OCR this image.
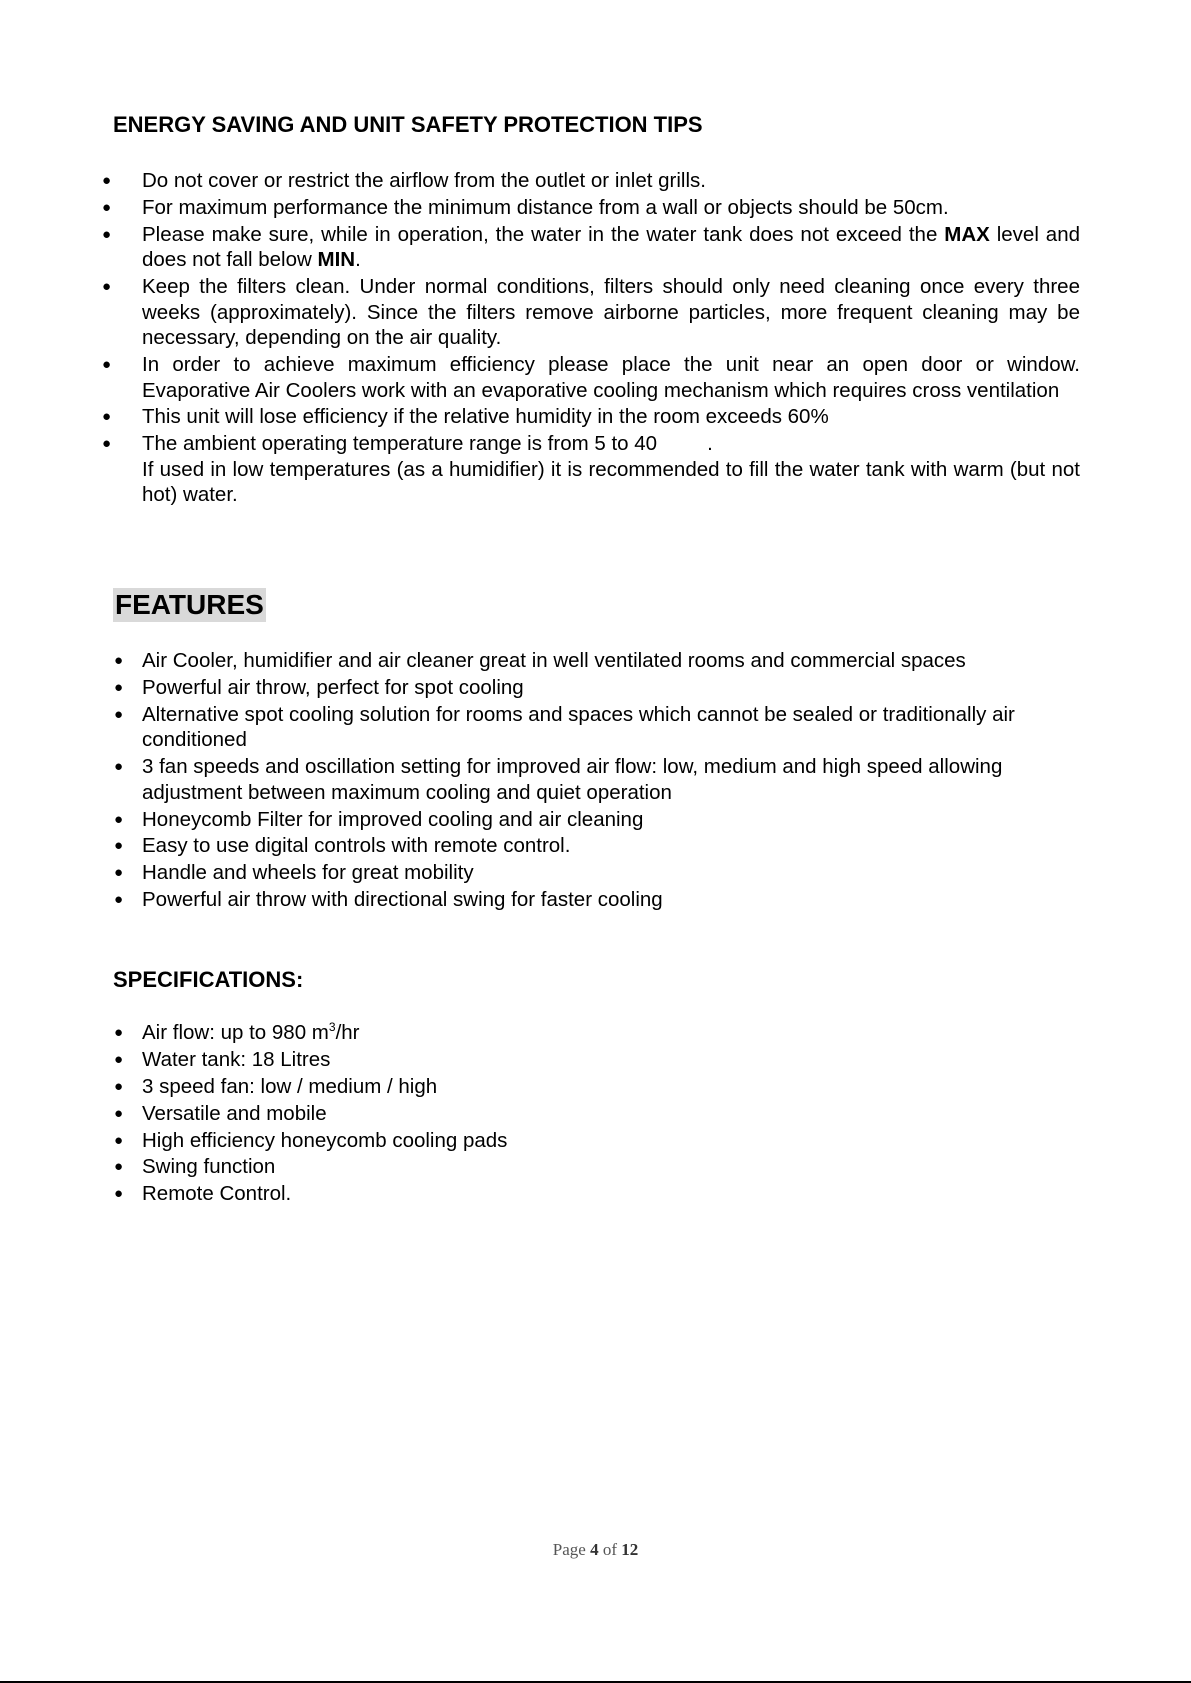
ENERGY SAVING AND UNIT SAFETY PROTECTION TIPS
● Do not cover or restrict the airflow from the outlet or inlet grills.
● For maximum performance the minimum distance from a wall or objects should be 50cm.
● Please make sure, while in operation, the water in the water tank does not exceed the MAX level and does not fall below MIN.
● Keep the filters clean. Under normal conditions, filters should only need cleaning once every three weeks (approximately). Since the filters remove airborne particles, more frequent cleaning may be necessary, depending on the air quality.
● In order to achieve maximum efficiency please place the unit near an open door or window. Evaporative Air Coolers work with an evaporative cooling mechanism which requires cross ventilation
● This unit will lose efficiency if the relative humidity in the room exceeds 60%
● The ambient operating temperature range is from 5 to 40 .
If used in low temperatures (as a humidifier) it is recommended to fill the water tank with warm (but not hot) water.
FEATURES
● Air Cooler, humidifier and air cleaner great in well ventilated rooms and commercial spaces
● Powerful air throw, perfect for spot cooling
● Alternative spot cooling solution for rooms and spaces which cannot be sealed or traditionally air conditioned
● 3 fan speeds and oscillation setting for improved air flow: low, medium and high speed allowing adjustment between maximum cooling and quiet operation
● Honeycomb Filter for improved cooling and air cleaning
● Easy to use digital controls with remote control.
● Handle and wheels for great mobility
● Powerful air throw with directional swing for faster cooling
SPECIFICATIONS:
● Air flow: up to 980 $m^3/hr$
● Water tank: 18 Litres
● 3 speed fan: low / medium / high
● Versatile and mobile
● High efficiency honeycomb cooling pads
● Swing function
● Remote Control.
Page 4 of 12
